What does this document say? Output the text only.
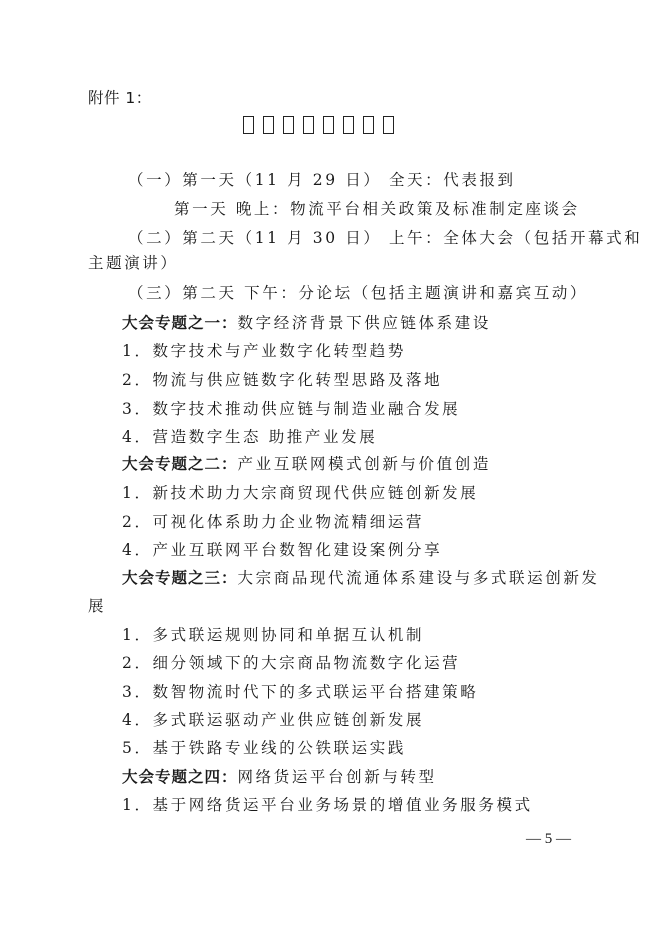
附件 1：
（一）第一天（11 月 29 日） 全天：代表报到
第一天 晚上：物流平台相关政策及标准制定座谈会
（二）第二天（11 月 30 日） 上午：全体大会（包括开幕式和
主题演讲）
（三）第二天 下午：分论坛（包括主题演讲和嘉宾互动）
大会专题之一：数字经济背景下供应链体系建设
1．数字技术与产业数字化转型趋势
2．物流与供应链数字化转型思路及落地
3．数字技术推动供应链与制造业融合发展
4．营造数字生态 助推产业发展
大会专题之二：产业互联网模式创新与价值创造
1．新技术助力大宗商贸现代供应链创新发展
2．可视化体系助力企业物流精细运营
4．产业互联网平台数智化建设案例分享
大会专题之三：大宗商品现代流通体系建设与多式联运创新发
展
1．多式联运规则协同和单据互认机制
2．细分领域下的大宗商品物流数字化运营
3．数智物流时代下的多式联运平台搭建策略
4．多式联运驱动产业供应链创新发展
5．基于铁路专业线的公铁联运实践
大会专题之四：网络货运平台创新与转型
1．基于网络货运平台业务场景的增值业务服务模式
— 5 —
